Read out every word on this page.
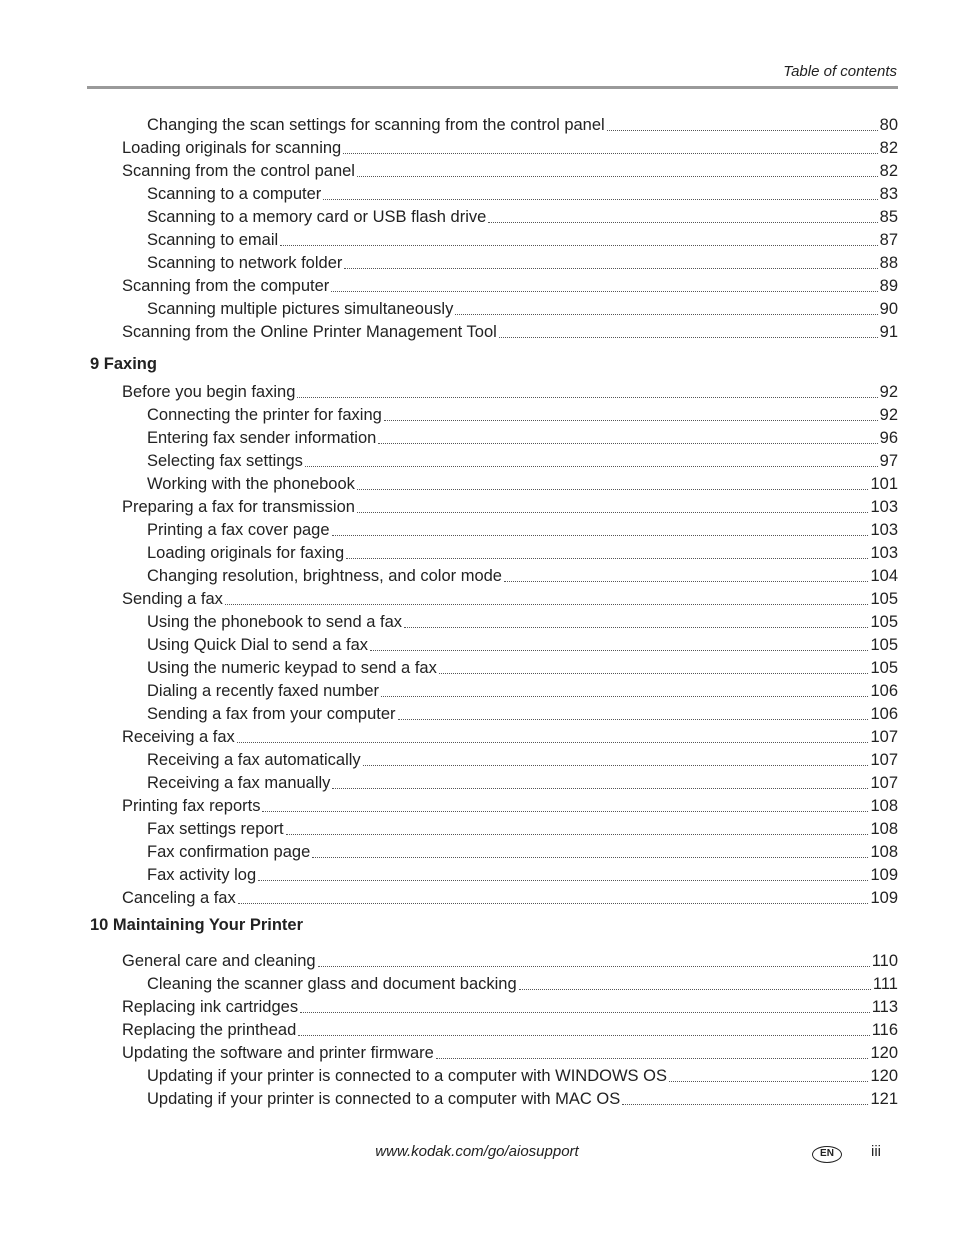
Table of contents
Changing the scan settings for scanning from the control panel	80
Loading originals for scanning	82
Scanning from the control panel	82
Scanning to a computer	83
Scanning to a memory card or USB flash drive	85
Scanning to email	87
Scanning to network folder	88
Scanning from the computer	89
Scanning multiple pictures simultaneously	90
Scanning from the Online Printer Management Tool	91
9 Faxing
Before you begin faxing	92
Connecting the printer for faxing	92
Entering fax sender information	96
Selecting fax settings	97
Working with the phonebook	101
Preparing a fax for transmission	103
Printing a fax cover page	103
Loading originals for faxing	103
Changing resolution, brightness, and color mode	104
Sending a fax	105
Using the phonebook to send a fax	105
Using Quick Dial to send a fax	105
Using the numeric keypad to send a fax	105
Dialing a recently faxed number	106
Sending a fax from your computer	106
Receiving a fax	107
Receiving a fax automatically	107
Receiving a fax manually	107
Printing fax reports	108
Fax settings report	108
Fax confirmation page	108
Fax activity log	109
Canceling a fax	109
10 Maintaining Your Printer
General care and cleaning	110
Cleaning the scanner glass and document backing	111
Replacing ink cartridges	113
Replacing the printhead	116
Updating the software and printer firmware	120
Updating if your printer is connected to a computer with WINDOWS OS	120
Updating if your printer is connected to a computer with MAC OS	121
www.kodak.com/go/aiosupport	EN	iii
